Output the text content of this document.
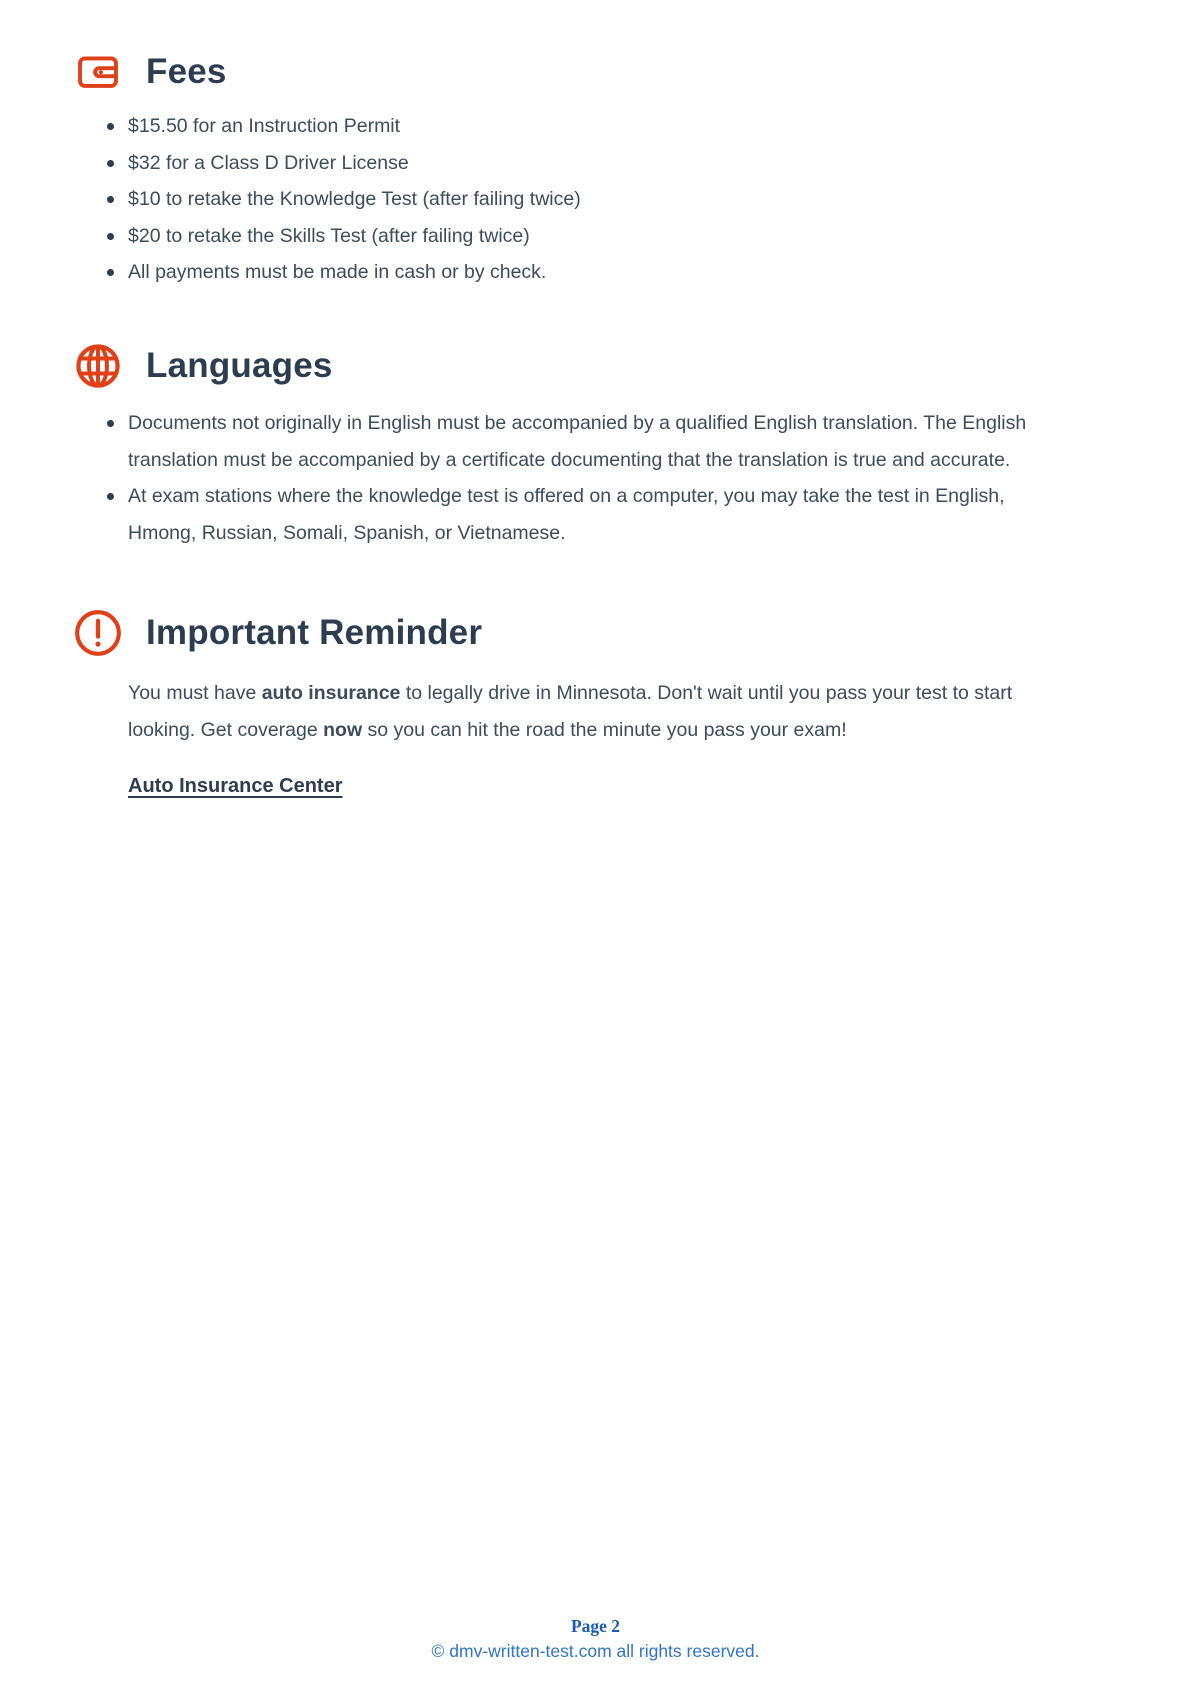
Fees
$15.50 for an Instruction Permit
$32 for a Class D Driver License
$10 to retake the Knowledge Test (after failing twice)
$20 to retake the Skills Test (after failing twice)
All payments must be made in cash or by check.
Languages
Documents not originally in English must be accompanied by a qualified English translation. The English translation must be accompanied by a certificate documenting that the translation is true and accurate.
At exam stations where the knowledge test is offered on a computer, you may take the test in English, Hmong, Russian, Somali, Spanish, or Vietnamese.
Important Reminder

You must have auto insurance to legally drive in Minnesota. Don't wait until you pass your test to start looking. Get coverage now so you can hit the road the minute you pass your exam!

Auto Insurance Center
Page 2
© dmv-written-test.com all rights reserved.
